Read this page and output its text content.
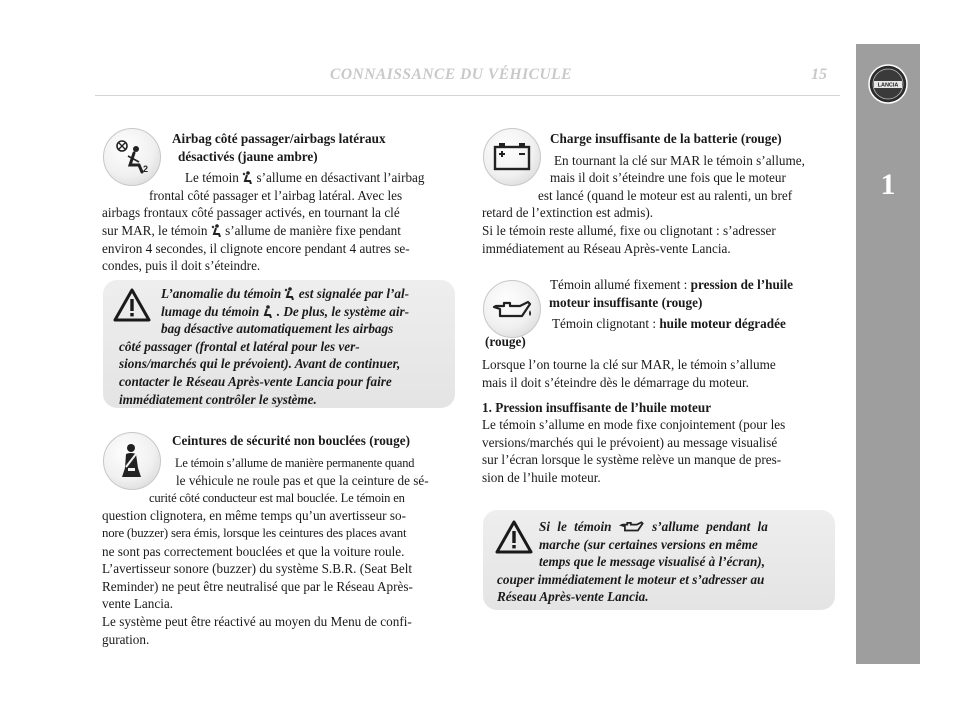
CONNAISSANCE DU VÉHICULE	15
LANCIA
1
2

Airbag côté passager/airbags latéraux

désactivés (jaune ambre)

Le témoin s’allume en désactivant l’airbag

frontal côté passager et l’airbag latéral. Avec les

airbags frontaux côté passager activés, en tournant la clé

sur MAR, le témoin s’allume de manière fixe pendant

environ 4 secondes, il clignote encore pendant 4 autres se-

condes, puis il doit s’éteindre.

L’anomalie du témoin est signalée par l’al-

lumage du témoin . De plus, le système air-

bag désactive automatiquement les airbags

côté passager (frontal et latéral pour les ver-

sions/marchés qui le prévoient). Avant de continuer,

contacter le Réseau Après-vente Lancia pour faire

immédiatement contrôler le système.

Ceintures de sécurité non bouclées (rouge)

Le témoin s’allume de manière permanente quand

le véhicule ne roule pas et que la ceinture de sé-

curité côté conducteur est mal bouclée. Le témoin en

question clignotera, en même temps qu’un avertisseur so-

nore (buzzer) sera émis, lorsque les ceintures des places avant

ne sont pas correctement bouclées et que la voiture roule.

L’avertisseur sonore (buzzer) du système S.B.R. (Seat Belt

Reminder) ne peut être neutralisé que par le Réseau Après-

vente Lancia.

Le système peut être réactivé au moyen du Menu de confi-

guration.

Charge insuffisante de la batterie (rouge)

En tournant la clé sur MAR le témoin s’allume,

mais il doit s’éteindre une fois que le moteur

est lancé (quand le moteur est au ralenti, un bref

retard de l’extinction est admis).

Si le témoin reste allumé, fixe ou clignotant : s’adresser

immédiatement au Réseau Après-vente Lancia.

Témoin allumé fixement : pression de l’huile

moteur insuffisante (rouge)

Témoin clignotant : huile moteur dégradée

(rouge)

Lorsque l’on tourne la clé sur MAR, le témoin s’allume

mais il doit s’éteindre dès le démarrage du moteur.

1. Pression insuffisante de l’huile moteur

Le témoin s’allume en mode fixe conjointement (pour les

versions/marchés qui le prévoient) au message visualisé

sur l’écran lorsque le système relève un manque de pres-

sion de l’huile moteur.

Si le témoin	s’allume pendant la

marche (sur certaines versions en même

temps que le message visualisé à l’écran),

couper immédiatement le moteur et s’adresser au

Réseau Après-vente Lancia.
